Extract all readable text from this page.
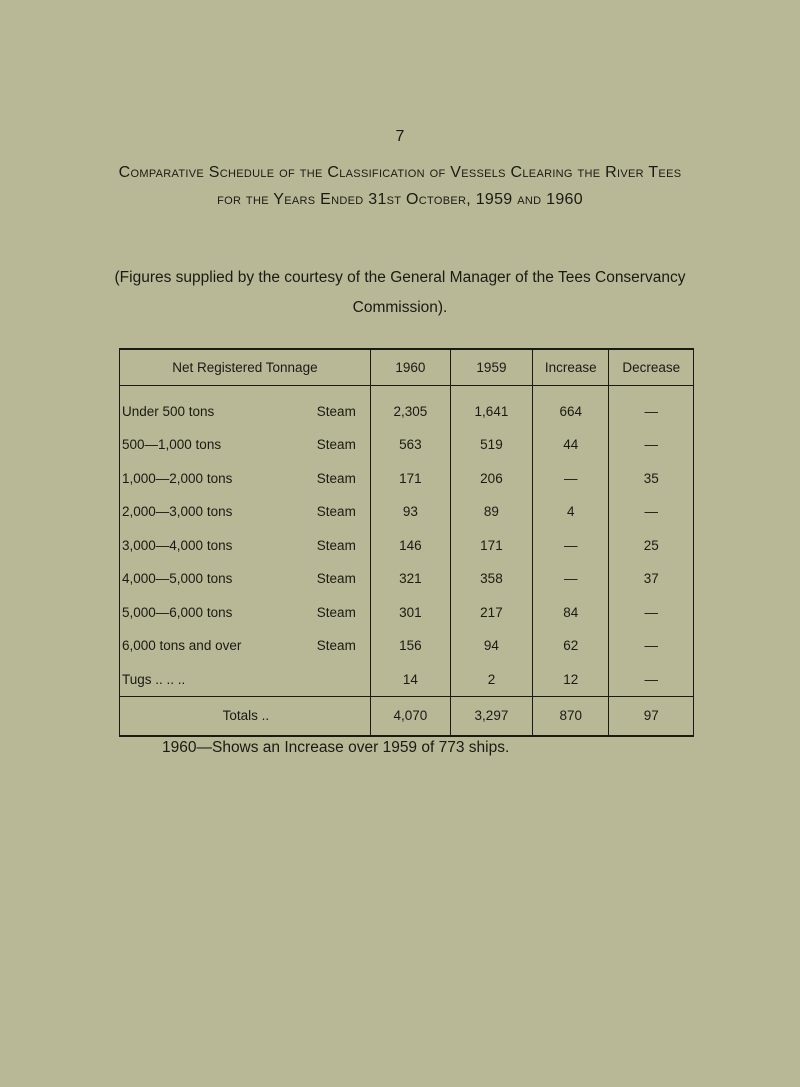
7
Comparative Schedule of the Classification of Vessels Clearing the River Tees
for the Years Ended 31st October, 1959 and 1960
(Figures supplied by the courtesy of the General Manager of the Tees Conservancy Commission).
Net Registered Tonnage	1960	1959	Increase	Decrease

Under 500 tons Steam	2,305	1,641	664	—

500—1,000 tons Steam	563	519	44	—

1,000—2,000 tons Steam	171	206	—	35

2,000—3,000 tons Steam	93	89	4	—

3,000—4,000 tons Steam	146	171	—	25

4,000—5,000 tons Steam	321	358	—	37

5,000—6,000 tons Steam	301	217	84	—

6,000 tons and over Steam	156	94	62	—

Tugs .. .. ..	14	2	12	—
Totals ..	4,070	3,297	870	97
1960—Shows an Increase over 1959 of 773 ships.
